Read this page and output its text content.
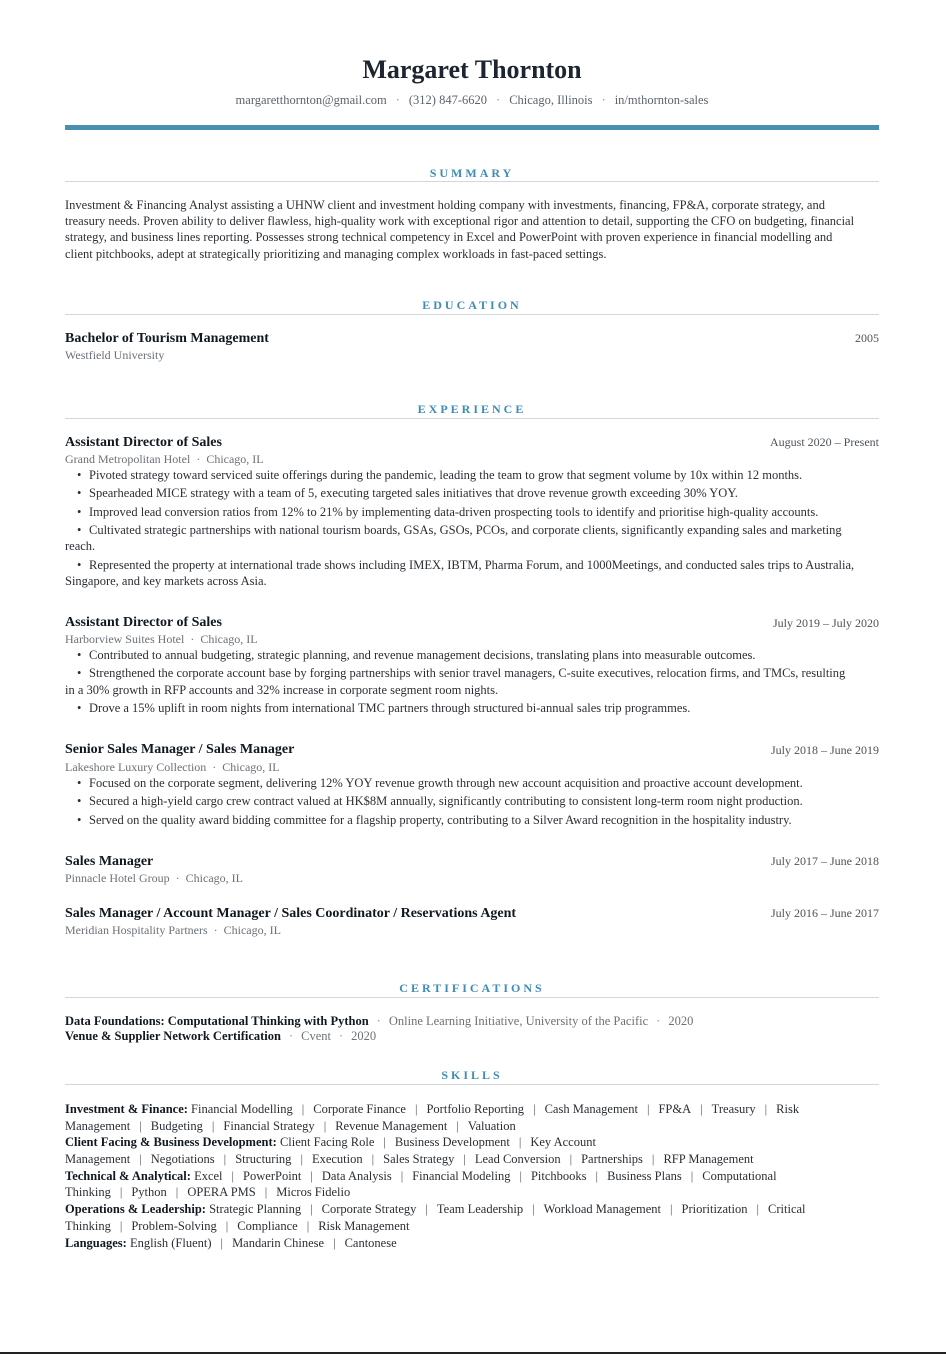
Margaret Thornton
margaretthornton@gmail.com · (312) 847-6620 · Chicago, Illinois · in/mthornton-sales
SUMMARY
Investment & Financing Analyst assisting a UHNW client and investment holding company with investments, financing, FP&A, corporate strategy, and treasury needs. Proven ability to deliver flawless, high-quality work with exceptional rigor and attention to detail, supporting the CFO on budgeting, financial strategy, and business lines reporting. Possesses strong technical competency in Excel and PowerPoint with proven experience in financial modelling and client pitchbooks, adept at strategically prioritizing and managing complex workloads in fast-paced settings.
EDUCATION
Bachelor of Tourism Management	2005
Westfield University
EXPERIENCE
Assistant Director of Sales	August 2020 – Present
Grand Metropolitan Hotel · Chicago, IL
• Pivoted strategy toward serviced suite offerings during the pandemic, leading the team to grow that segment volume by 10x within 12 months.
• Spearheaded MICE strategy with a team of 5, executing targeted sales initiatives that drove revenue growth exceeding 30% YOY.
• Improved lead conversion ratios from 12% to 21% by implementing data-driven prospecting tools to identify and prioritise high-quality accounts.
• Cultivated strategic partnerships with national tourism boards, GSAs, GSOs, PCOs, and corporate clients, significantly expanding sales and marketing reach.
• Represented the property at international trade shows including IMEX, IBTM, Pharma Forum, and 1000Meetings, and conducted sales trips to Australia, Singapore, and key markets across Asia.
Assistant Director of Sales	July 2019 – July 2020
Harborview Suites Hotel · Chicago, IL
• Contributed to annual budgeting, strategic planning, and revenue management decisions, translating plans into measurable outcomes.
• Strengthened the corporate account base by forging partnerships with senior travel managers, C-suite executives, relocation firms, and TMCs, resulting in a 30% growth in RFP accounts and 32% increase in corporate segment room nights.
• Drove a 15% uplift in room nights from international TMC partners through structured bi-annual sales trip programmes.
Senior Sales Manager / Sales Manager	July 2018 – June 2019
Lakeshore Luxury Collection · Chicago, IL
• Focused on the corporate segment, delivering 12% YOY revenue growth through new account acquisition and proactive account development.
• Secured a high-yield cargo crew contract valued at HK$8M annually, significantly contributing to consistent long-term room night production.
• Served on the quality award bidding committee for a flagship property, contributing to a Silver Award recognition in the hospitality industry.
Sales Manager	July 2017 – June 2018
Pinnacle Hotel Group · Chicago, IL
Sales Manager / Account Manager / Sales Coordinator / Reservations Agent	July 2016 – June 2017
Meridian Hospitality Partners · Chicago, IL
CERTIFICATIONS
Data Foundations: Computational Thinking with Python · Online Learning Initiative, University of the Pacific · 2020
Venue & Supplier Network Certification · Cvent · 2020
SKILLS
Investment & Finance: Financial Modelling | Corporate Finance | Portfolio Reporting | Cash Management | FP&A | Treasury | Risk Management | Budgeting | Financial Strategy | Revenue Management | Valuation
Client Facing & Business Development: Client Facing Role | Business Development | Key Account Management | Negotiations | Structuring | Execution | Sales Strategy | Lead Conversion | Partnerships | RFP Management
Technical & Analytical: Excel | PowerPoint | Data Analysis | Financial Modeling | Pitchbooks | Business Plans | Computational Thinking | Python | OPERA PMS | Micros Fidelio
Operations & Leadership: Strategic Planning | Corporate Strategy | Team Leadership | Workload Management | Prioritization | Critical Thinking | Problem-Solving | Compliance | Risk Management
Languages: English (Fluent) | Mandarin Chinese | Cantonese
